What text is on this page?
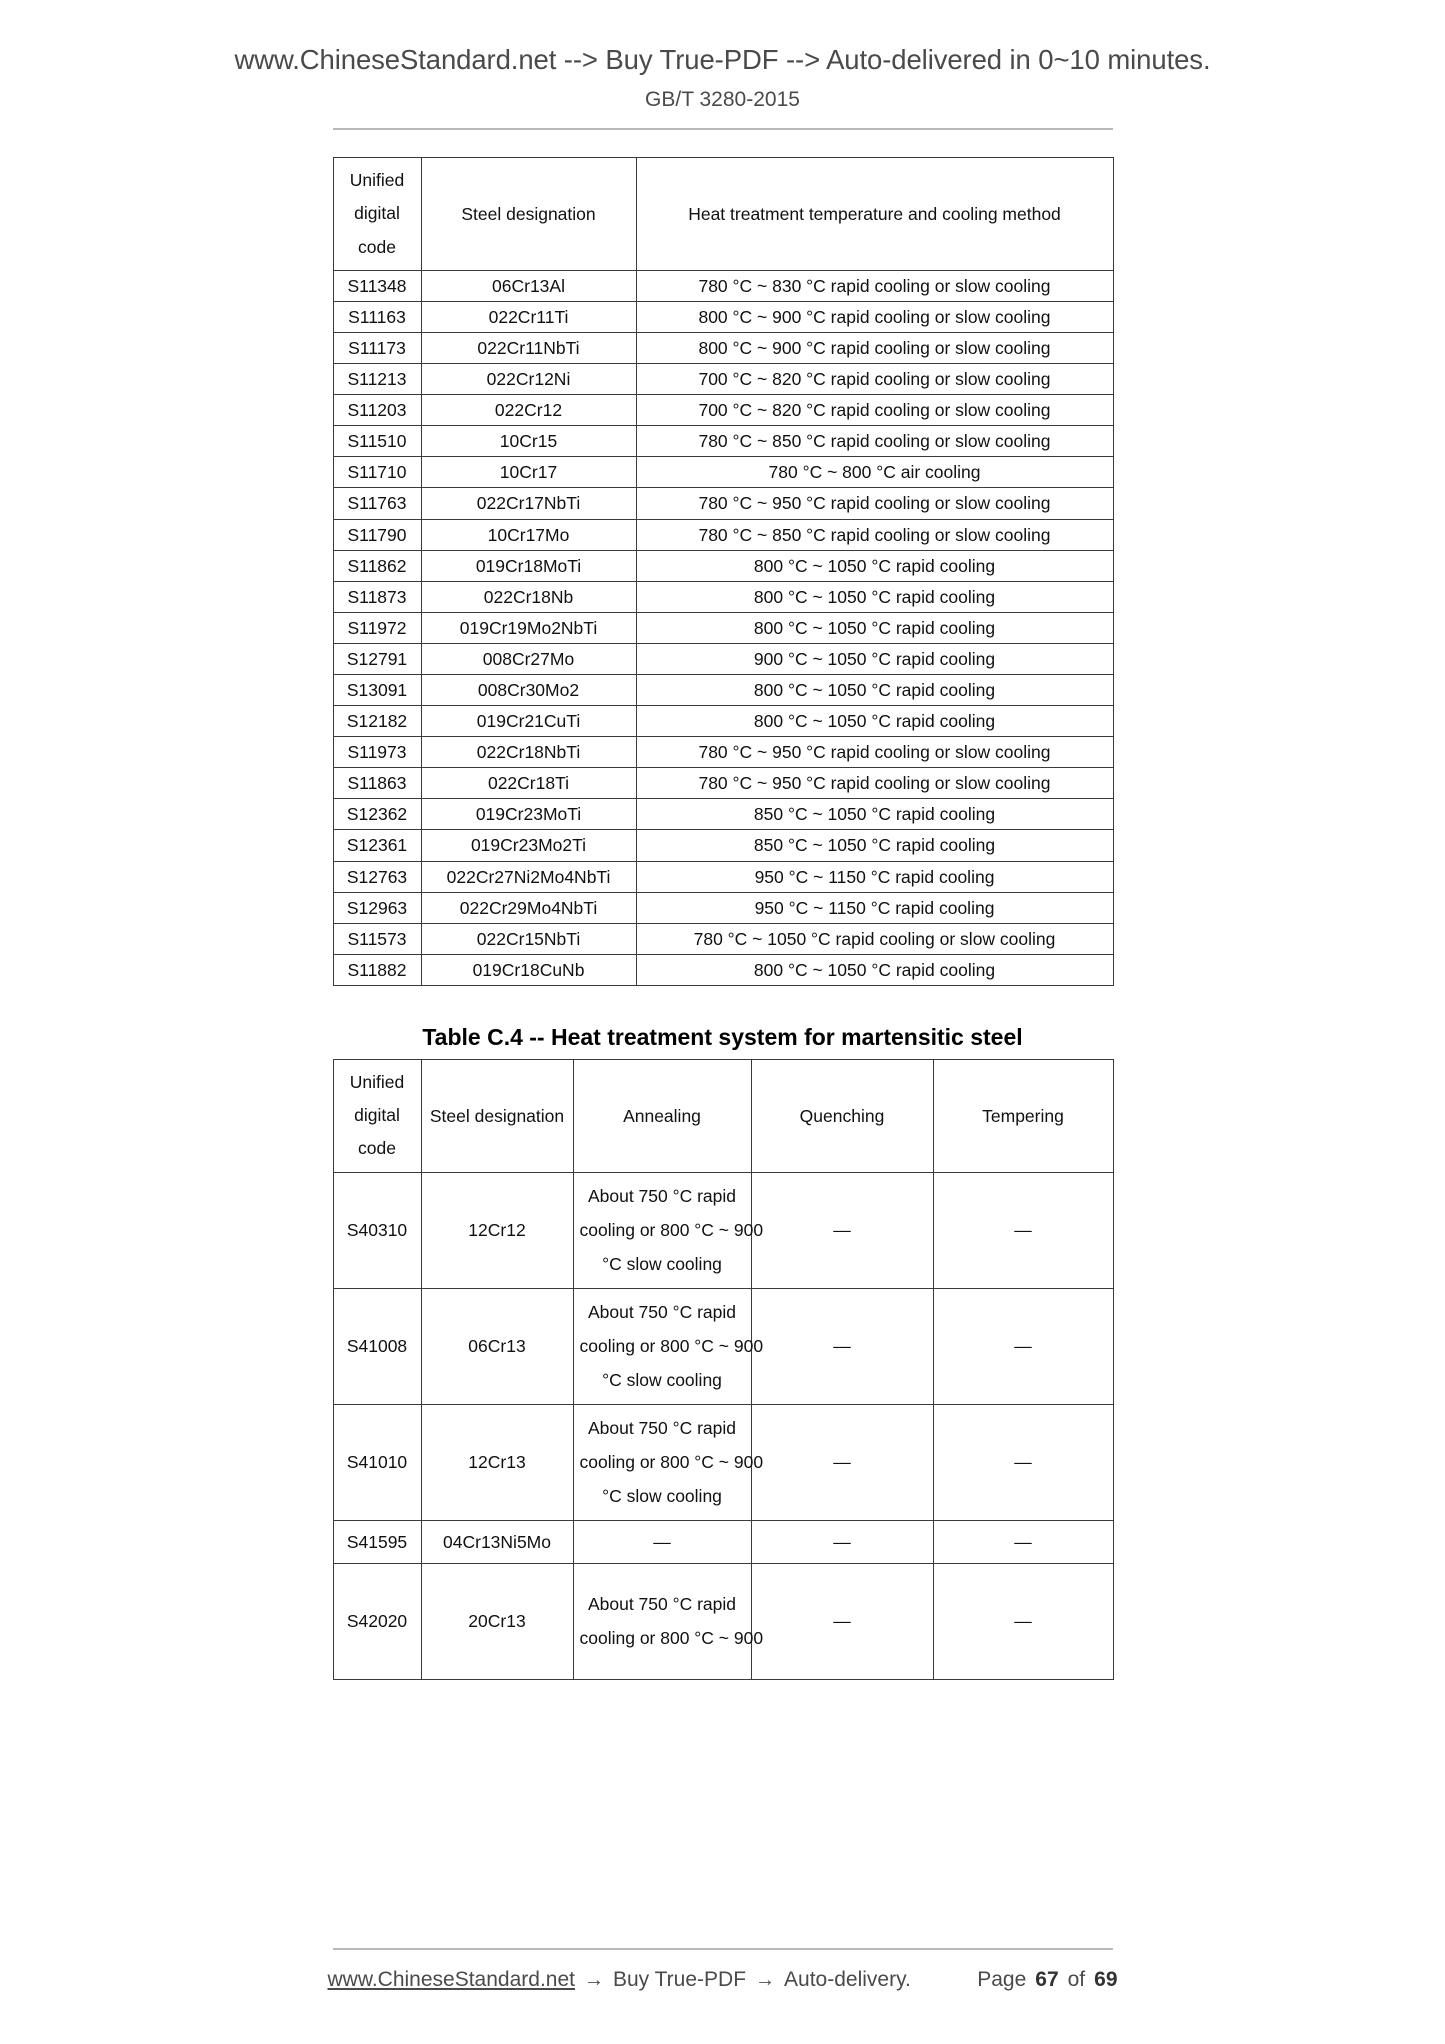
www.ChineseStandard.net --> Buy True-PDF --> Auto-delivered in 0~10 minutes.
GB/T 3280-2015
Unified
digital
code	Steel designation	Heat treatment temperature and cooling method
S11348	06Cr13Al	780 °C ~ 830 °C rapid cooling or slow cooling
S11163	022Cr11Ti	800 °C ~ 900 °C rapid cooling or slow cooling
S11173	022Cr11NbTi	800 °C ~ 900 °C rapid cooling or slow cooling
S11213	022Cr12Ni	700 °C ~ 820 °C rapid cooling or slow cooling
S11203	022Cr12	700 °C ~ 820 °C rapid cooling or slow cooling
S11510	10Cr15	780 °C ~ 850 °C rapid cooling or slow cooling
S11710	10Cr17	780 °C ~ 800 °C air cooling
S11763	022Cr17NbTi	780 °C ~ 950 °C rapid cooling or slow cooling
S11790	10Cr17Mo	780 °C ~ 850 °C rapid cooling or slow cooling
S11862	019Cr18MoTi	800 °C ~ 1050 °C rapid cooling
S11873	022Cr18Nb	800 °C ~ 1050 °C rapid cooling
S11972	019Cr19Mo2NbTi	800 °C ~ 1050 °C rapid cooling
S12791	008Cr27Mo	900 °C ~ 1050 °C rapid cooling
S13091	008Cr30Mo2	800 °C ~ 1050 °C rapid cooling
S12182	019Cr21CuTi	800 °C ~ 1050 °C rapid cooling
S11973	022Cr18NbTi	780 °C ~ 950 °C rapid cooling or slow cooling
S11863	022Cr18Ti	780 °C ~ 950 °C rapid cooling or slow cooling
S12362	019Cr23MoTi	850 °C ~ 1050 °C rapid cooling
S12361	019Cr23Mo2Ti	850 °C ~ 1050 °C rapid cooling
S12763	022Cr27Ni2Mo4NbTi	950 °C ~ 1150 °C rapid cooling
S12963	022Cr29Mo4NbTi	950 °C ~ 1150 °C rapid cooling
S11573	022Cr15NbTi	780 °C ~ 1050 °C rapid cooling or slow cooling
S11882	019Cr18CuNb	800 °C ~ 1050 °C rapid cooling
Table C.4 -- Heat treatment system for martensitic steel
Unified
digital
code	Steel designation	Annealing	Quenching	Tempering
S40310	12Cr12	About 750 °C rapid
cooling or 800 °C ~ 900
°C slow cooling	—	—
S41008	06Cr13	About 750 °C rapid
cooling or 800 °C ~ 900
°C slow cooling	—	—
S41010	12Cr13	About 750 °C rapid
cooling or 800 °C ~ 900
°C slow cooling	—	—
S41595	04Cr13Ni5Mo	—	—	—
S42020	20Cr13	About 750 °C rapid
cooling or 800 °C ~ 900	—	—
www.ChineseStandard.net → Buy True-PDF → Auto-delivery.	Page 67 of 69
